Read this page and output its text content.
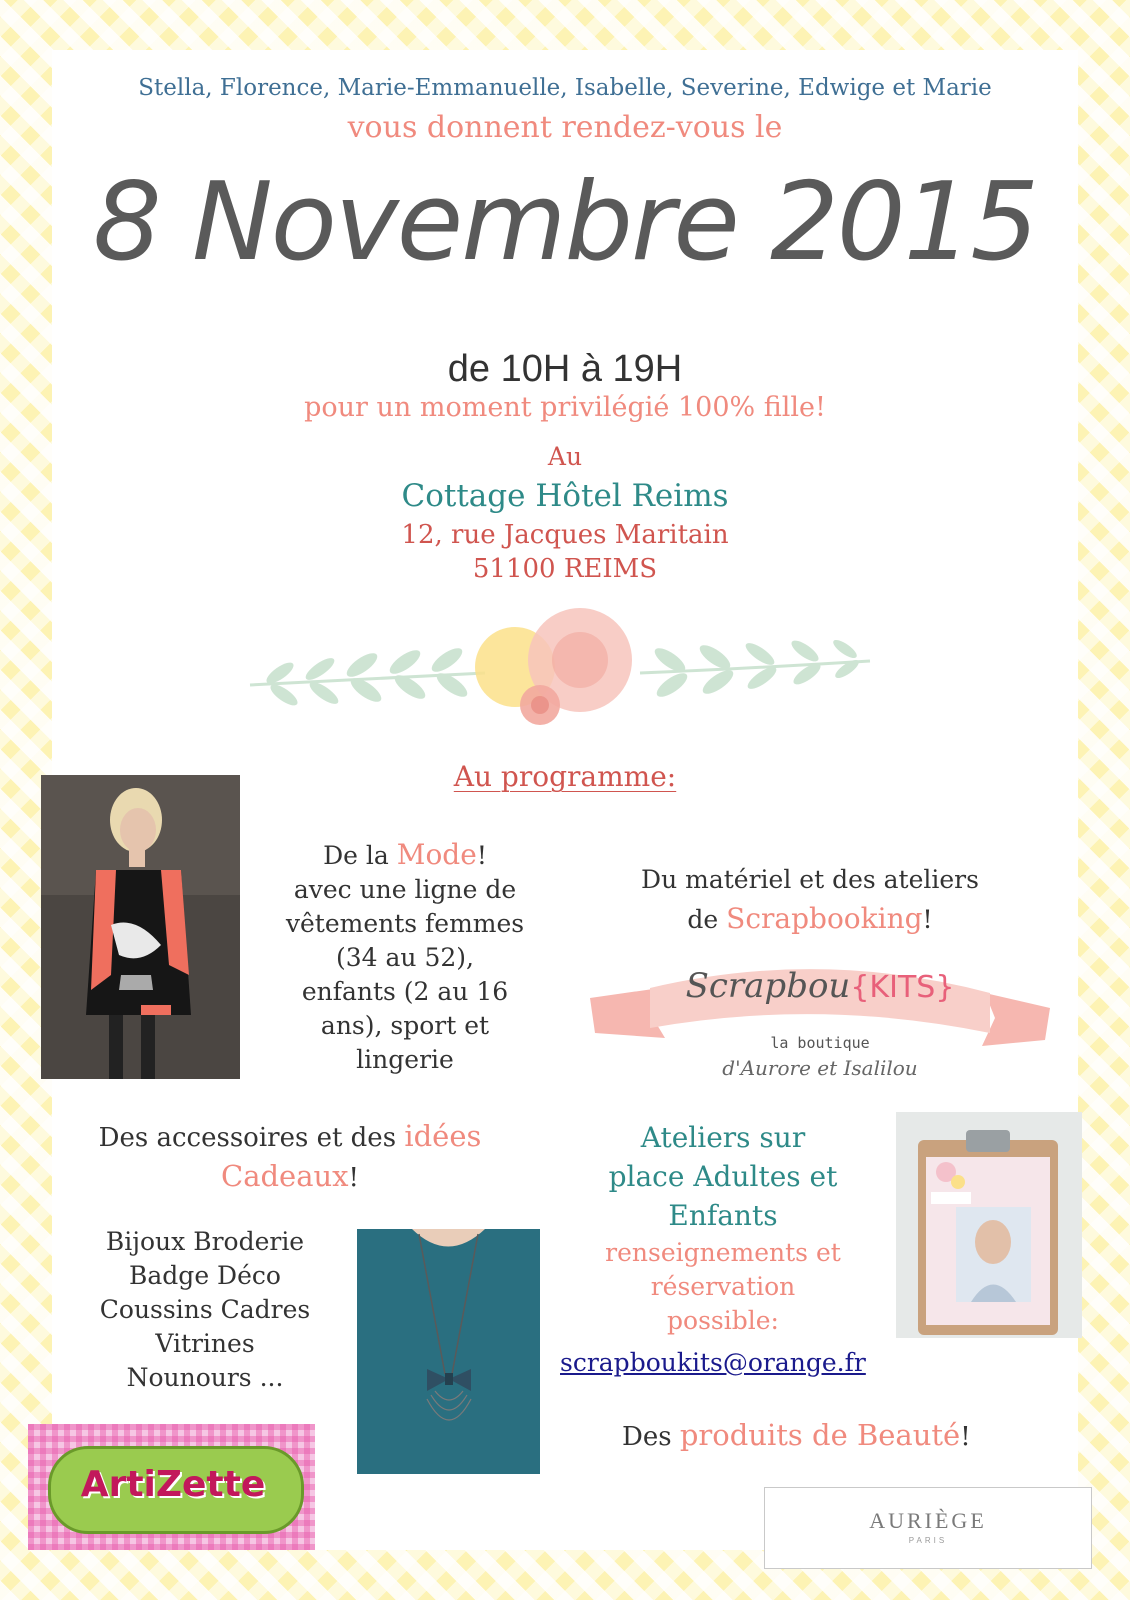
Stella, Florence, Marie-Emmanuelle, Isabelle, Severine, Edwige et Marie
vous donnent rendez-vous le
8 Novembre 2015
de 10H à 19H
pour un moment privilégié 100% fille!
Au
Cottage Hôtel Reims
12, rue Jacques Maritain
51100 REIMS
Au programme:
De la Mode!
avec une ligne de
vêtements femmes
(34 au 52),
enfants (2 au 16
ans), sport et
lingerie
Du matériel et des ateliers
de Scrapbooking!
Scrapbou{KITS}
la boutique
d'Aurore et Isalilou
Des accessoires et des idées
Cadeaux!
Bijoux Broderie
Badge Déco
Coussins Cadres
Vitrines
Nounours ...
Ateliers sur
place Adultes et
Enfants
renseignements et
réservation
possible:
scrapboukits@orange.fr
Des produits de Beauté!
ArtiZette
AURIÈGE
PARIS
